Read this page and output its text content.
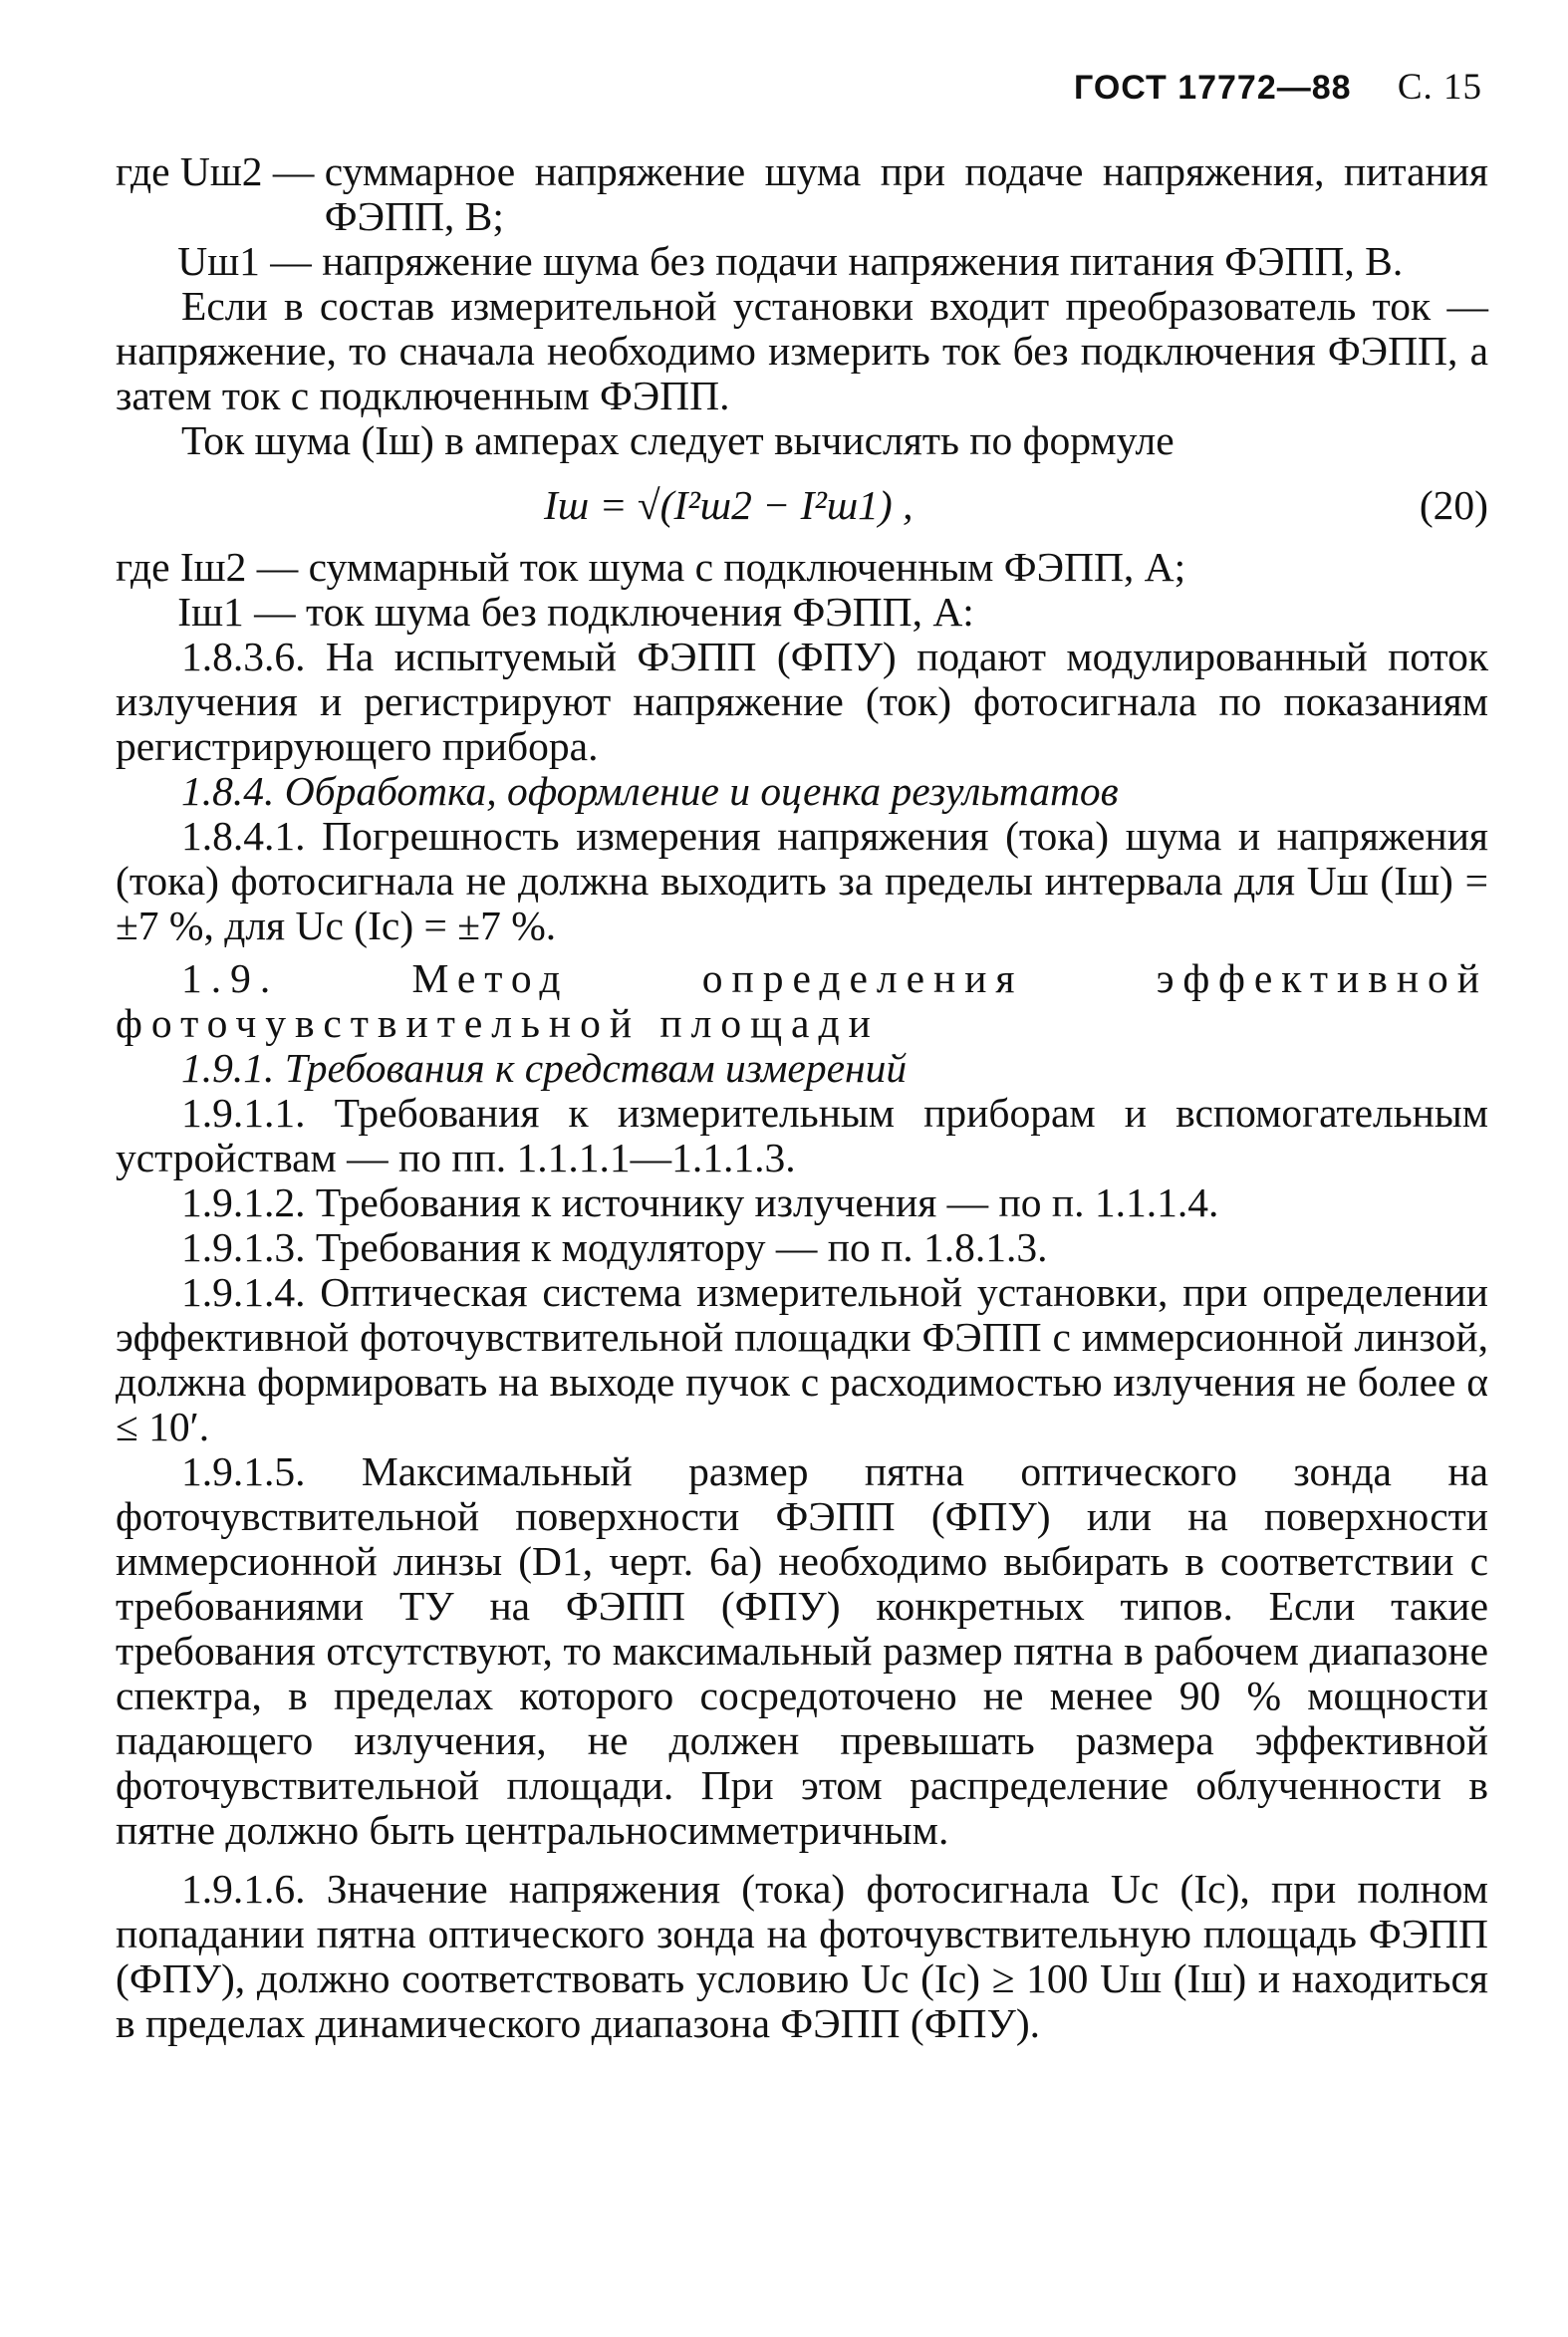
ГОСТ 17772—88 С. 15
где Uш2 — суммарное напряжение шума при подаче напряжения, питания ФЭПП, В;
Uш1 — напряжение шума без подачи напряжения питания ФЭПП, В.

Если в состав измерительной установки входит преобразователь ток — напряжение, то сначала необходимо измерить ток без подключения ФЭПП, а затем ток с подключенным ФЭПП.

Ток шума (Iш) в амперах следует вычислять по формуле

Iш = √(I²ш2 − I²ш1) ,	(20)
где Iш2 — суммарный ток шума с подключенным ФЭПП, А;
Iш1 — ток шума без подключения ФЭПП, А:

1.8.3.6. На испытуемый ФЭПП (ФПУ) подают модулированный поток излучения и регистрируют напряжение (ток) фотосигнала по показаниям регистрирующего прибора.

1.8.4. Обработка, оформление и оценка результатов

1.8.4.1. Погрешность измерения напряжения (тока) шума и напряжения (тока) фотосигнала не должна выходить за пределы интервала для Uш (Iш) = ±7 %, для Uс (Iс) = ±7 %.

1.9. Метод определения эффективной фоточувствительной площади

1.9.1. Требования к средствам измерений

1.9.1.1. Требования к измерительным приборам и вспомогательным устройствам — по пп. 1.1.1.1—1.1.1.3.

1.9.1.2. Требования к источнику излучения — по п. 1.1.1.4.

1.9.1.3. Требования к модулятору — по п. 1.8.1.3.

1.9.1.4. Оптическая система измерительной установки, при определении эффективной фоточувствительной площадки ФЭПП с иммерсионной линзой, должна формировать на выходе пучок с расходимостью излучения не более α ≤ 10′.

1.9.1.5. Максимальный размер пятна оптического зонда на фоточувствительной поверхности ФЭПП (ФПУ) или на поверхности иммерсионной линзы (D1, черт. 6а) необходимо выбирать в соответствии с требованиями ТУ на ФЭПП (ФПУ) конкретных типов. Если такие требования отсутствуют, то максимальный размер пятна в рабочем диапазоне спектра, в пределах которого сосредоточено не менее 90 % мощности падающего излучения, не должен превышать размера эффективной фоточувствительной площади. При этом распределение облученности в пятне должно быть центральносимметричным.

1.9.1.6. Значение напряжения (тока) фотосигнала Uс (Iс), при полном попадании пятна оптического зонда на фоточувствительную площадь ФЭПП (ФПУ), должно соответствовать условию Uс (Iс) ≥ 100 Uш (Iш) и находиться в пределах динамического диапазона ФЭПП (ФПУ).
